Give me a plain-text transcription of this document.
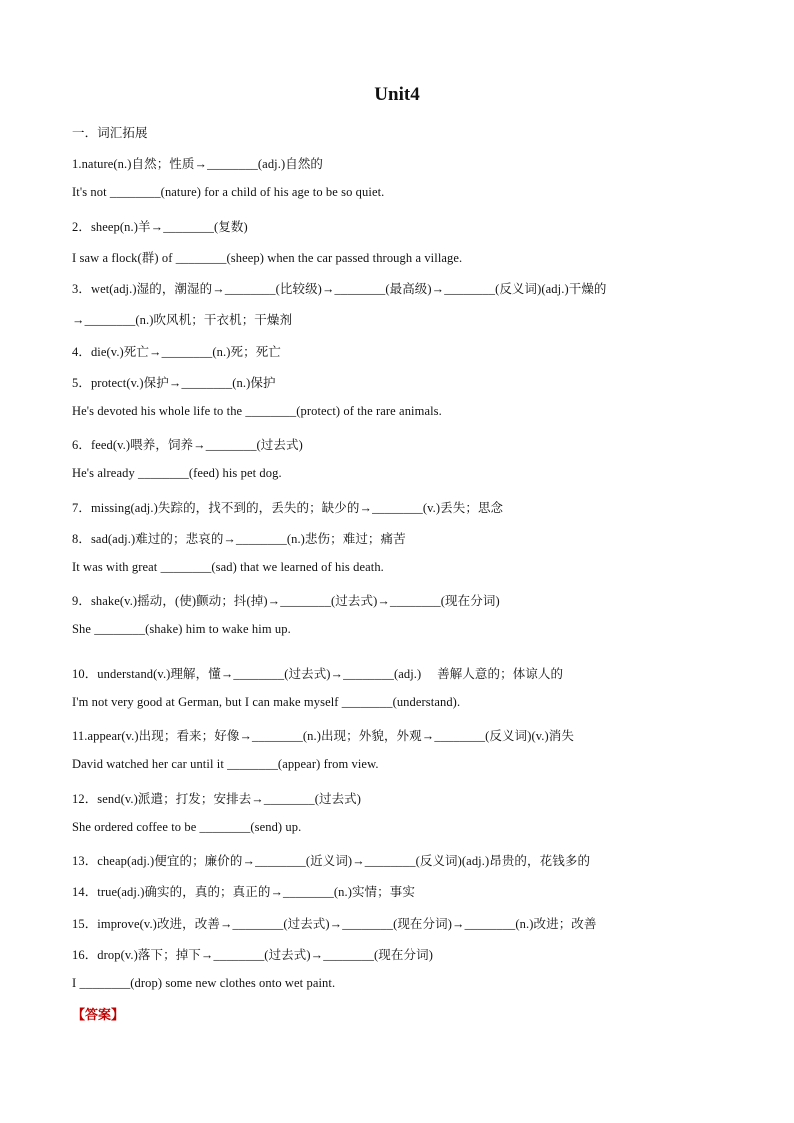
Unit4
一．词汇拓展
1.nature(n.)自然；性质→________(adj.)自然的
It's not ________(nature) for a child of his age to be so quiet.
2．sheep(n.)羊→________(复数)
I saw a flock(群) of ________(sheep) when the car passed through a village.
3．wet(adj.)湿的，潮湿的→________(比较级)→________(最高级)→________(反义词)(adj.)干燥的
→________(n.)吹风机；干衣机；干燥剂
4．die(v.)死亡→________(n.)死；死亡
5．protect(v.)保护→________(n.)保护
He's devoted his whole life to the ________(protect) of the rare animals.
6．feed(v.)喂养，饲养→________(过去式)
He's already ________(feed) his pet dog.
7．missing(adj.)失踪的，找不到的，丢失的；缺少的→________(v.)丢失；思念
8．sad(adj.)难过的；悲哀的→________(n.)悲伤；难过；痛苦
It was with great ________(sad) that we learned of his death.
9．shake(v.)摇动，(使)颤动；抖(掉)→________(过去式)→________(现在分词)
She ________(shake) him to wake him up.
10．understand(v.)理解，懂→________(过去式)→________(adj.)　 善解人意的；体谅人的
I'm not very good at German, but I can make myself ________(understand).
11.appear(v.)出现；看来；好像→________(n.)出现；外貌，外观→________(反义词)(v.)消失
David watched her car until it ________(appear) from view.
12．send(v.)派遣；打发；安排去→________(过去式)
She ordered coffee to be ________(send) up.
13．cheap(adj.)便宜的；廉价的→________(近义词)→________(反义词)(adj.)昂贵的，花钱多的
14．true(adj.)确实的，真的；真正的→________(n.)实情；事实
15．improve(v.)改进，改善→________(过去式)→________(现在分词)→________(n.)改进；改善
16．drop(v.)落下；掉下→________(过去式)→________(现在分词)
I ________(drop) some new clothes onto wet paint.
【答案】
